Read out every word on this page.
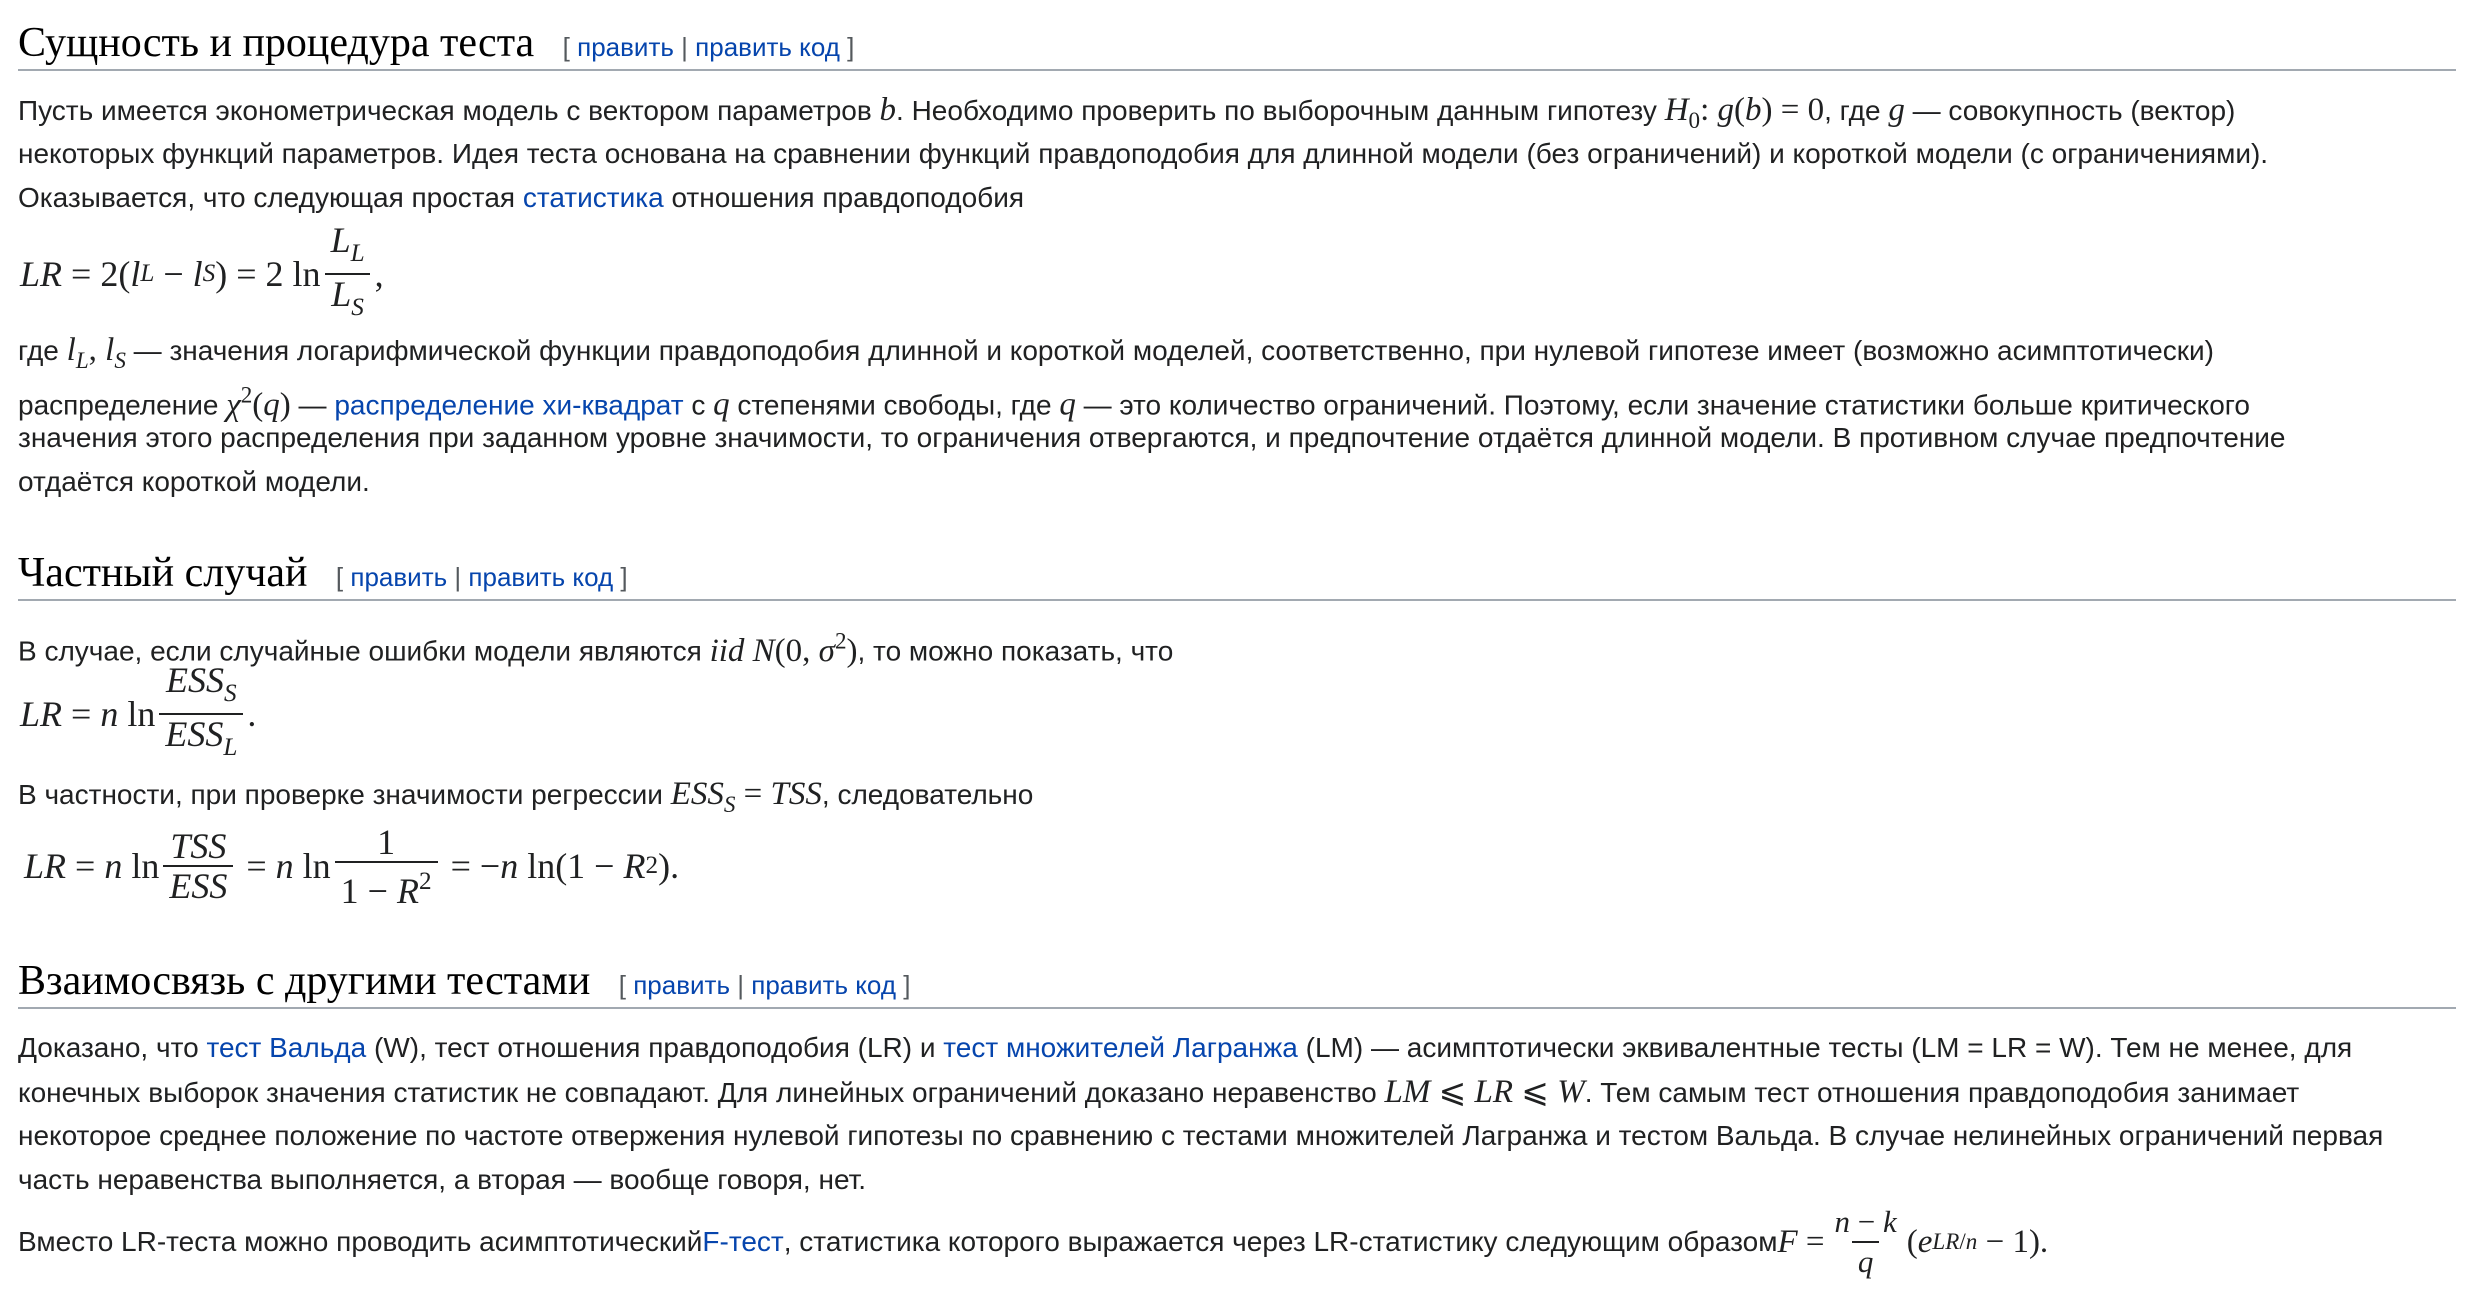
Сущность и процедура теста [ править | править код ]
Пусть имеется эконометрическая модель с вектором параметров b. Необходимо проверить по выборочным данным гипотезу $H_0$: g(b) = 0, где g — совокупность (вектор)
некоторых функций параметров. Идея теста основана на сравнении функций правдоподобия для длинной модели (без ограничений) и короткой модели (с ограничениями).
Оказывается, что следующая простая статистика отношения правдоподобия
LR = 2( l L − l S ) = 2 $\ln \frac{L_L}{L_S}$ ,
где $l_L$, $l_S$ — значения логарифмической функции правдоподобия длинной и короткой моделей, соответственно, при нулевой гипотезе имеет (возможно асимптотически)
распределение $\chi^2(q)$ — распределение хи-квадрат с q степенями свободы, где q — это количество ограничений. Поэтому, если значение статистики больше критического
значения этого распределения при заданном уровне значимости, то ограничения отвергаются, и предпочтение отдаётся длинной модели. В противном случае предпочтение
отдаётся короткой модели.
Частный случай [ править | править код ]
В случае, если случайные ошибки модели являются iid N(0, $\sigma^2$), то можно показать, что
LR = n $\ln \frac{ESS_S}{ESS_L}$ .
В частности, при проверке значимости регрессии $ESS_S$ = TSS, следовательно
LR = n $\ln \frac{\text{TSS}}{\text{ESS}} = n$ $\ln \frac{1}{1 - R^2}$ = − n ln(1 − R 2 ).
Взаимосвязь с другими тестами [ править | править код ]
Доказано, что тест Вальда (W), тест отношения правдоподобия (LR) и тест множителей Лагранжа (LM) — асимптотически эквивалентные тесты (LM = LR = W). Тем не менее, для
конечных выборок значения статистик не совпадают. Для линейных ограничений доказано неравенство LM ⩽ LR ⩽ W. Тем самым тест отношения правдоподобия занимает
некоторое среднее положение по частоте отвержения нулевой гипотезы по сравнению с тестами множителей Лагранжа и тестом Вальда. В случае нелинейных ограничений первая
часть неравенства выполняется, а вторая — вообще говоря, нет.
Вместо LR-теста можно проводить асимптотический F-тест , статистика которого выражается через LR-статистику следующим образом $F = \frac{n - k}{q}$ ( e LR/n − 1).
